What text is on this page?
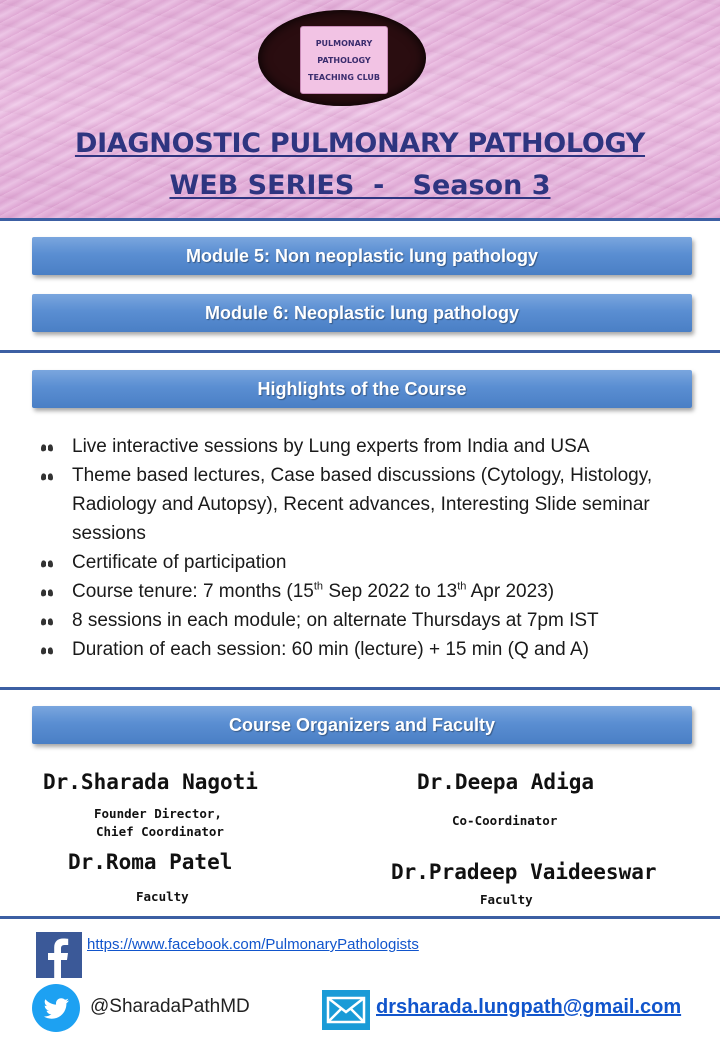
PULMONARY
PATHOLOGY
TEACHING CLUB
DIAGNOSTIC PULMONARY PATHOLOGY
WEB SERIES  -   Season 3
Module 5: Non neoplastic lung pathology
Module 6: Neoplastic lung pathology
Highlights of the Course
Live interactive sessions by Lung experts from India and USA
Theme based lectures, Case based discussions (Cytology, Histology, Radiology and Autopsy), Recent advances, Interesting Slide seminar sessions
Certificate of participation
Course tenure: 7 months (15th Sep 2022 to 13th Apr 2023)
8 sessions in each module; on alternate Thursdays at 7pm IST
Duration of each session: 60 min (lecture) + 15 min (Q and A)
Course Organizers and Faculty
Dr.Sharada Nagoti
Founder Director,
Chief Coordinator
Dr.Deepa Adiga
Co-Coordinator
Dr.Roma Patel
Faculty
Dr.Pradeep Vaideeswar
Faculty
https://www.facebook.com/PulmonaryPathologists
@SharadaPathMD	drsharada.lungpath@gmail.com
